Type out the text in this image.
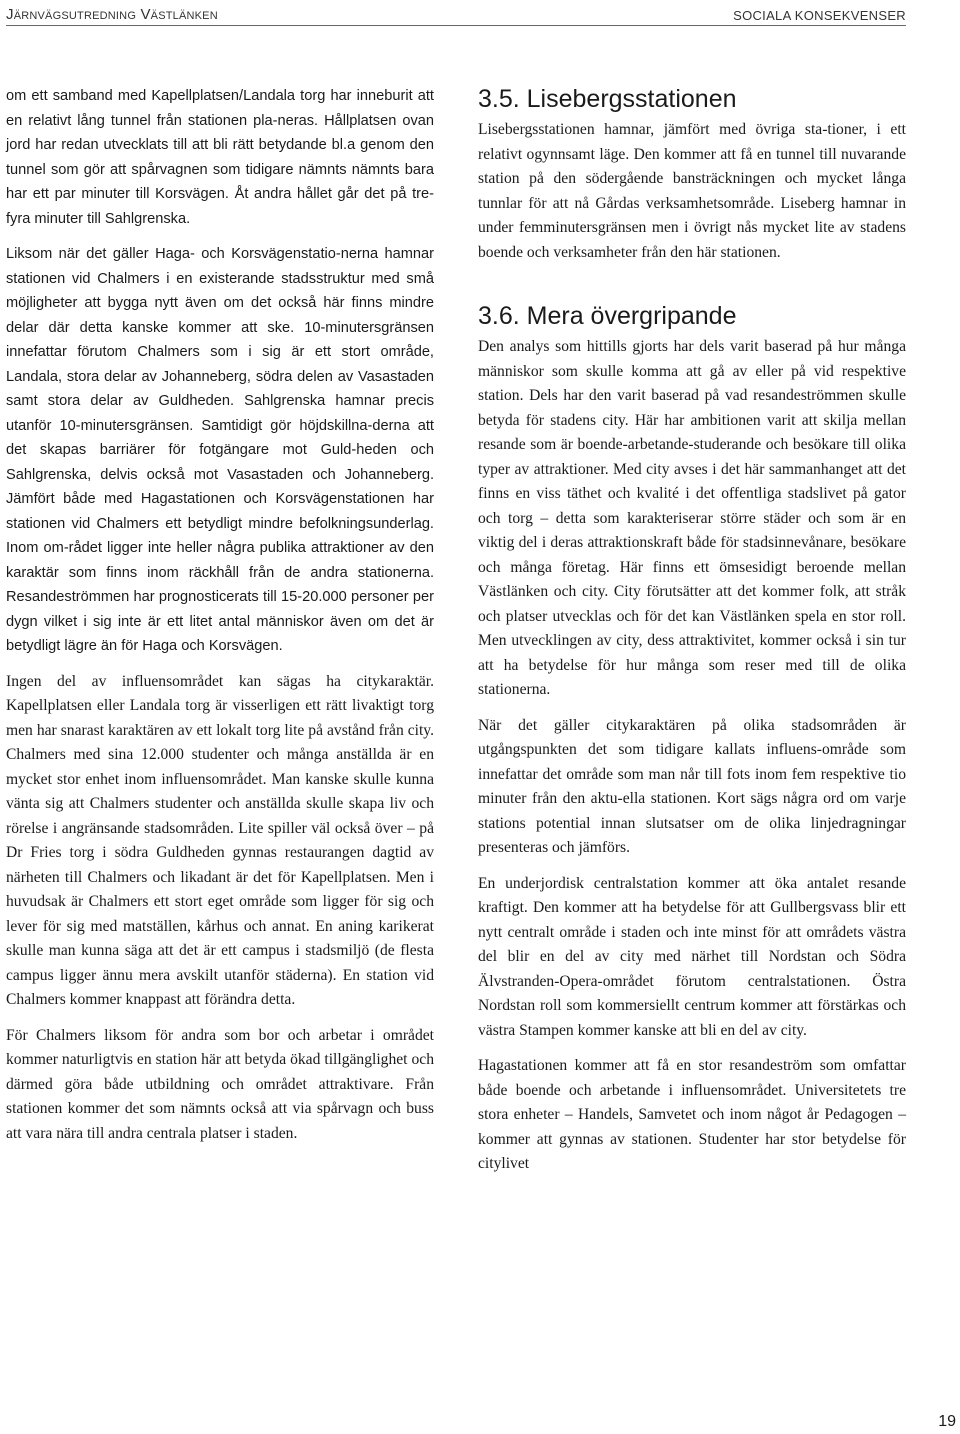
Järnvägsutredning Västlänken	SOCIALA KONSEKVENSER

om ett samband med Kapellplatsen/Landala torg har inneburit att en relativt lång tunnel från stationen pla-neras. Hållplatsen ovan jord har redan utvecklats till att bli rätt betydande bl.a genom den tunnel som gör att spårvagnen som tidigare nämnts nämnts bara har ett par minuter till Korsvägen. Åt andra hållet går det på tre-fyra minuter till Sahlgrenska.

Liksom när det gäller Haga- och Korsvägenstatio-nerna hamnar stationen vid Chalmers i en existerande stadsstruktur med små möjligheter att bygga nytt även om det också här finns mindre delar där detta kanske kommer att ske. 10-minutersgränsen innefattar förutom Chalmers som i sig är ett stort område, Landala, stora delar av Johanneberg, södra delen av Vasastaden samt stora delar av Guldheden. Sahlgrenska hamnar precis utanför 10-minutersgränsen. Samtidigt gör höjdskillna-derna att det skapas barriärer för fotgängare mot Guld-heden och Sahlgrenska, delvis också mot Vasastaden och Johanneberg. Jämfört både med Hagastationen och Korsvägenstationen har stationen vid Chalmers ett betydligt mindre befolkningsunderlag. Inom om-rådet ligger inte heller några publika attraktioner av den karaktär som finns inom räckhåll från de andra stationerna. Resandeströmmen har prognosticerats till 15-20.000 personer per dygn vilket i sig inte är ett litet antal människor även om det är betydligt lägre än för Haga och Korsvägen.

Ingen del av influensområdet kan sägas ha citykaraktär. Kapellplatsen eller Landala torg är visserligen ett rätt livaktigt torg men har snarast karaktären av ett lokalt torg lite på avstånd från city. Chalmers med sina 12.000 studenter och många anställda är en mycket stor enhet inom influensområdet. Man kanske skulle kunna vänta sig att Chalmers studenter och anställda skulle skapa liv och rörelse i angränsande stadsområden. Lite spiller väl också över – på Dr Fries torg i södra Guldheden gynnas restaurangen dagtid av närheten till Chalmers och likadant är det för Kapellplatsen. Men i huvudsak är Chalmers ett stort eget område som ligger för sig och lever för sig med matställen, kårhus och annat. En aning karikerat skulle man kunna säga att det är ett campus i stadsmiljö (de flesta campus ligger ännu mera avskilt utanför städerna). En station vid Chalmers kommer knappast att förändra detta.

För Chalmers liksom för andra som bor och arbetar i området kommer naturligtvis en station här att betyda ökad tillgänglighet och därmed göra både utbildning och området attraktivare. Från stationen kommer det som nämnts också att via spårvagn och buss att vara nära till andra centrala platser i staden.

3.5. Lisebergsstationen

Lisebergsstationen hamnar, jämfört med övriga sta-tioner, i ett relativt ogynnsamt läge. Den kommer att få en tunnel till nuvarande station på den södergående bansträckningen och mycket långa tunnlar för att nå Gårdas verksamhetsområde. Liseberg hamnar in under femminutersgränsen men i övrigt nås mycket lite av stadens boende och verksamheter från den här stationen.

3.6. Mera övergripande

Den analys som hittills gjorts har dels varit baserad på hur många människor som skulle komma att gå av eller på vid respektive station. Dels har den varit baserad på vad resandeströmmen skulle betyda för stadens city. Här har ambitionen varit att skilja mellan resande som är boende-arbetande-studerande och besökare till olika typer av attraktioner. Med city avses i det här sammanhanget att det finns en viss täthet och kvalité i det offentliga stadslivet på gator och torg – detta som karakteriserar större städer och som är en viktig del i deras attraktionskraft både för stadsinnevånare, besökare och många företag. Här finns ett ömsesidigt beroende mellan Västlänken och city. City förutsätter att det kommer folk, att stråk och platser utvecklas och för det kan Västlänken spela en stor roll. Men utvecklingen av city, dess attraktivitet, kommer också i sin tur att ha betydelse för hur många som reser med till de olika stationerna.

När det gäller citykaraktären på olika stadsområden är utgångspunkten det som tidigare kallats influens-område som innefattar det område som man når till fots inom fem respektive tio minuter från den aktu-ella stationen. Kort sägs några ord om varje stations potential innan slutsatser om de olika linjedragningar presenteras och jämförs.

En underjordisk centralstation kommer att öka antalet resande kraftigt. Den kommer att ha betydelse för att Gullbergsvass blir ett nytt centralt område i staden och inte minst för att områdets västra del blir en del av city med närhet till Nordstan och Södra Älvstranden-Opera-området förutom centralstationen. Östra Nordstan roll som kommersiellt centrum kommer att förstärkas och västra Stampen kommer kanske att bli en del av city.

Hagastationen kommer att få en stor resandeström som omfattar både boende och arbetande i influensområdet. Universitetets tre stora enheter – Handels, Samvetet och inom något år Pedagogen – kommer att gynnas av stationen. Studenter har stor betydelse för citylivet

19
